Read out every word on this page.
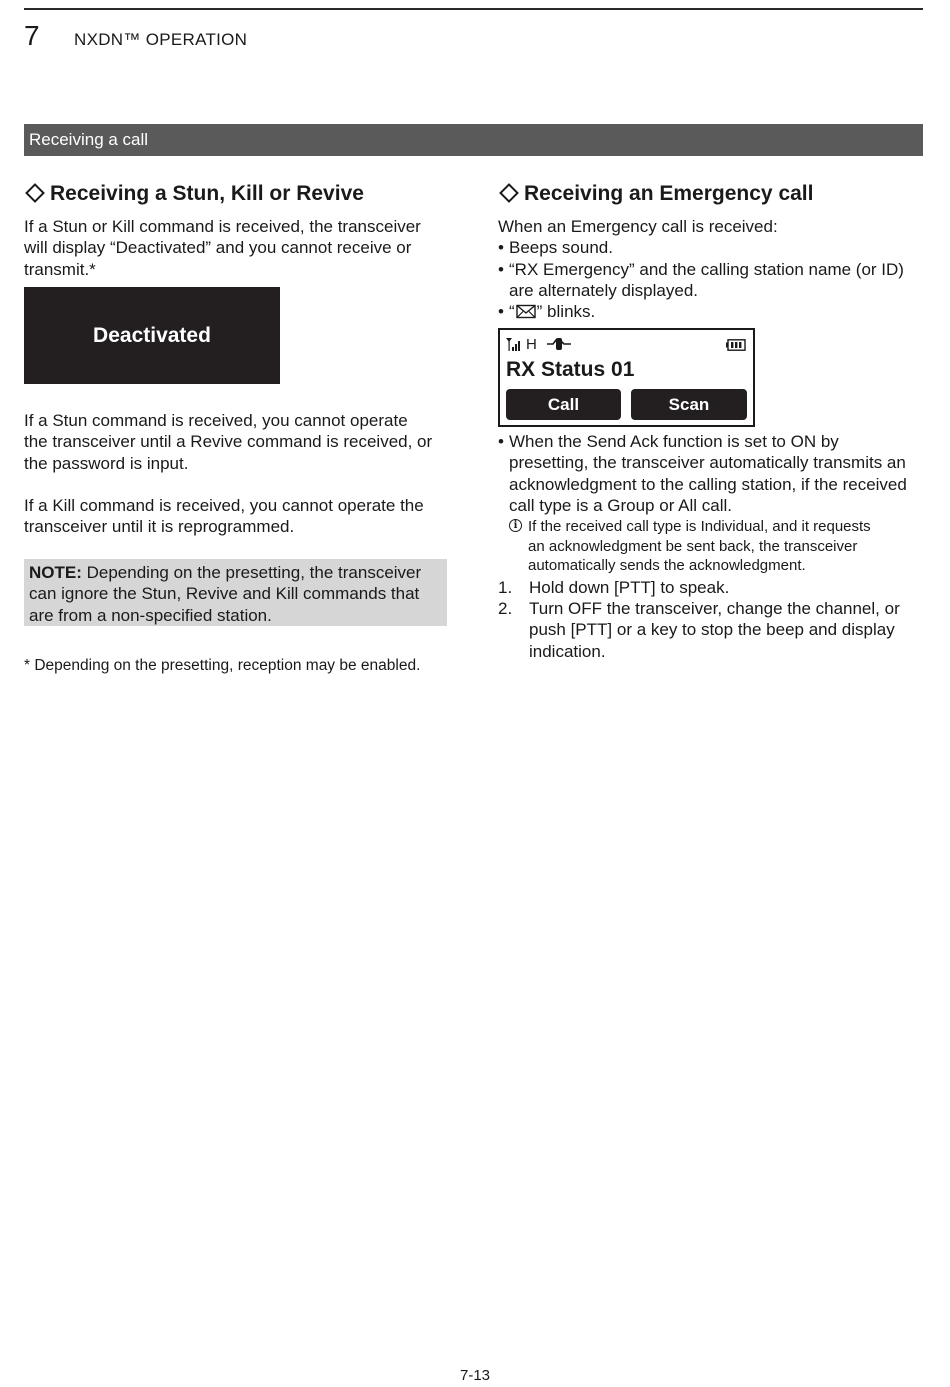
7 NXDN™ OPERATION
Receiving a call
Receiving a Stun, Kill or Revive
If a Stun or Kill command is received, the transceiver
will display “Deactivated” and you cannot receive or
transmit.*
Deactivated
If a Stun command is received, you cannot operate
the transceiver until a Revive command is received, or
the password is input.
If a Kill command is received, you cannot operate the
transceiver until it is reprogrammed.
NOTE: Depending on the presetting, the transceiver
can ignore the Stun, Revive and Kill commands that
are from a non-specified station.
* Depending on the presetting, reception may be enabled.
Receiving an Emergency call
When an Emergency call is received:
• Beeps sound.
• “RX Emergency” and the calling station name (or ID)
are alternately displayed.
• “ ” blinks.
H
RX Status 01
Call	Scan
• When the Send Ack function is set to ON by
presetting, the transceiver automatically transmits an
acknowledgment to the calling station, if the received
call type is a Group or All call.
i If the received call type is Individual, and it requests
an acknowledgment be sent back, the transceiver
automatically sends the acknowledgment.
1. Hold down [PTT] to speak.
2. Turn OFF the transceiver, change the channel, or
push [PTT] or a key to stop the beep and display
indication.
7-13
